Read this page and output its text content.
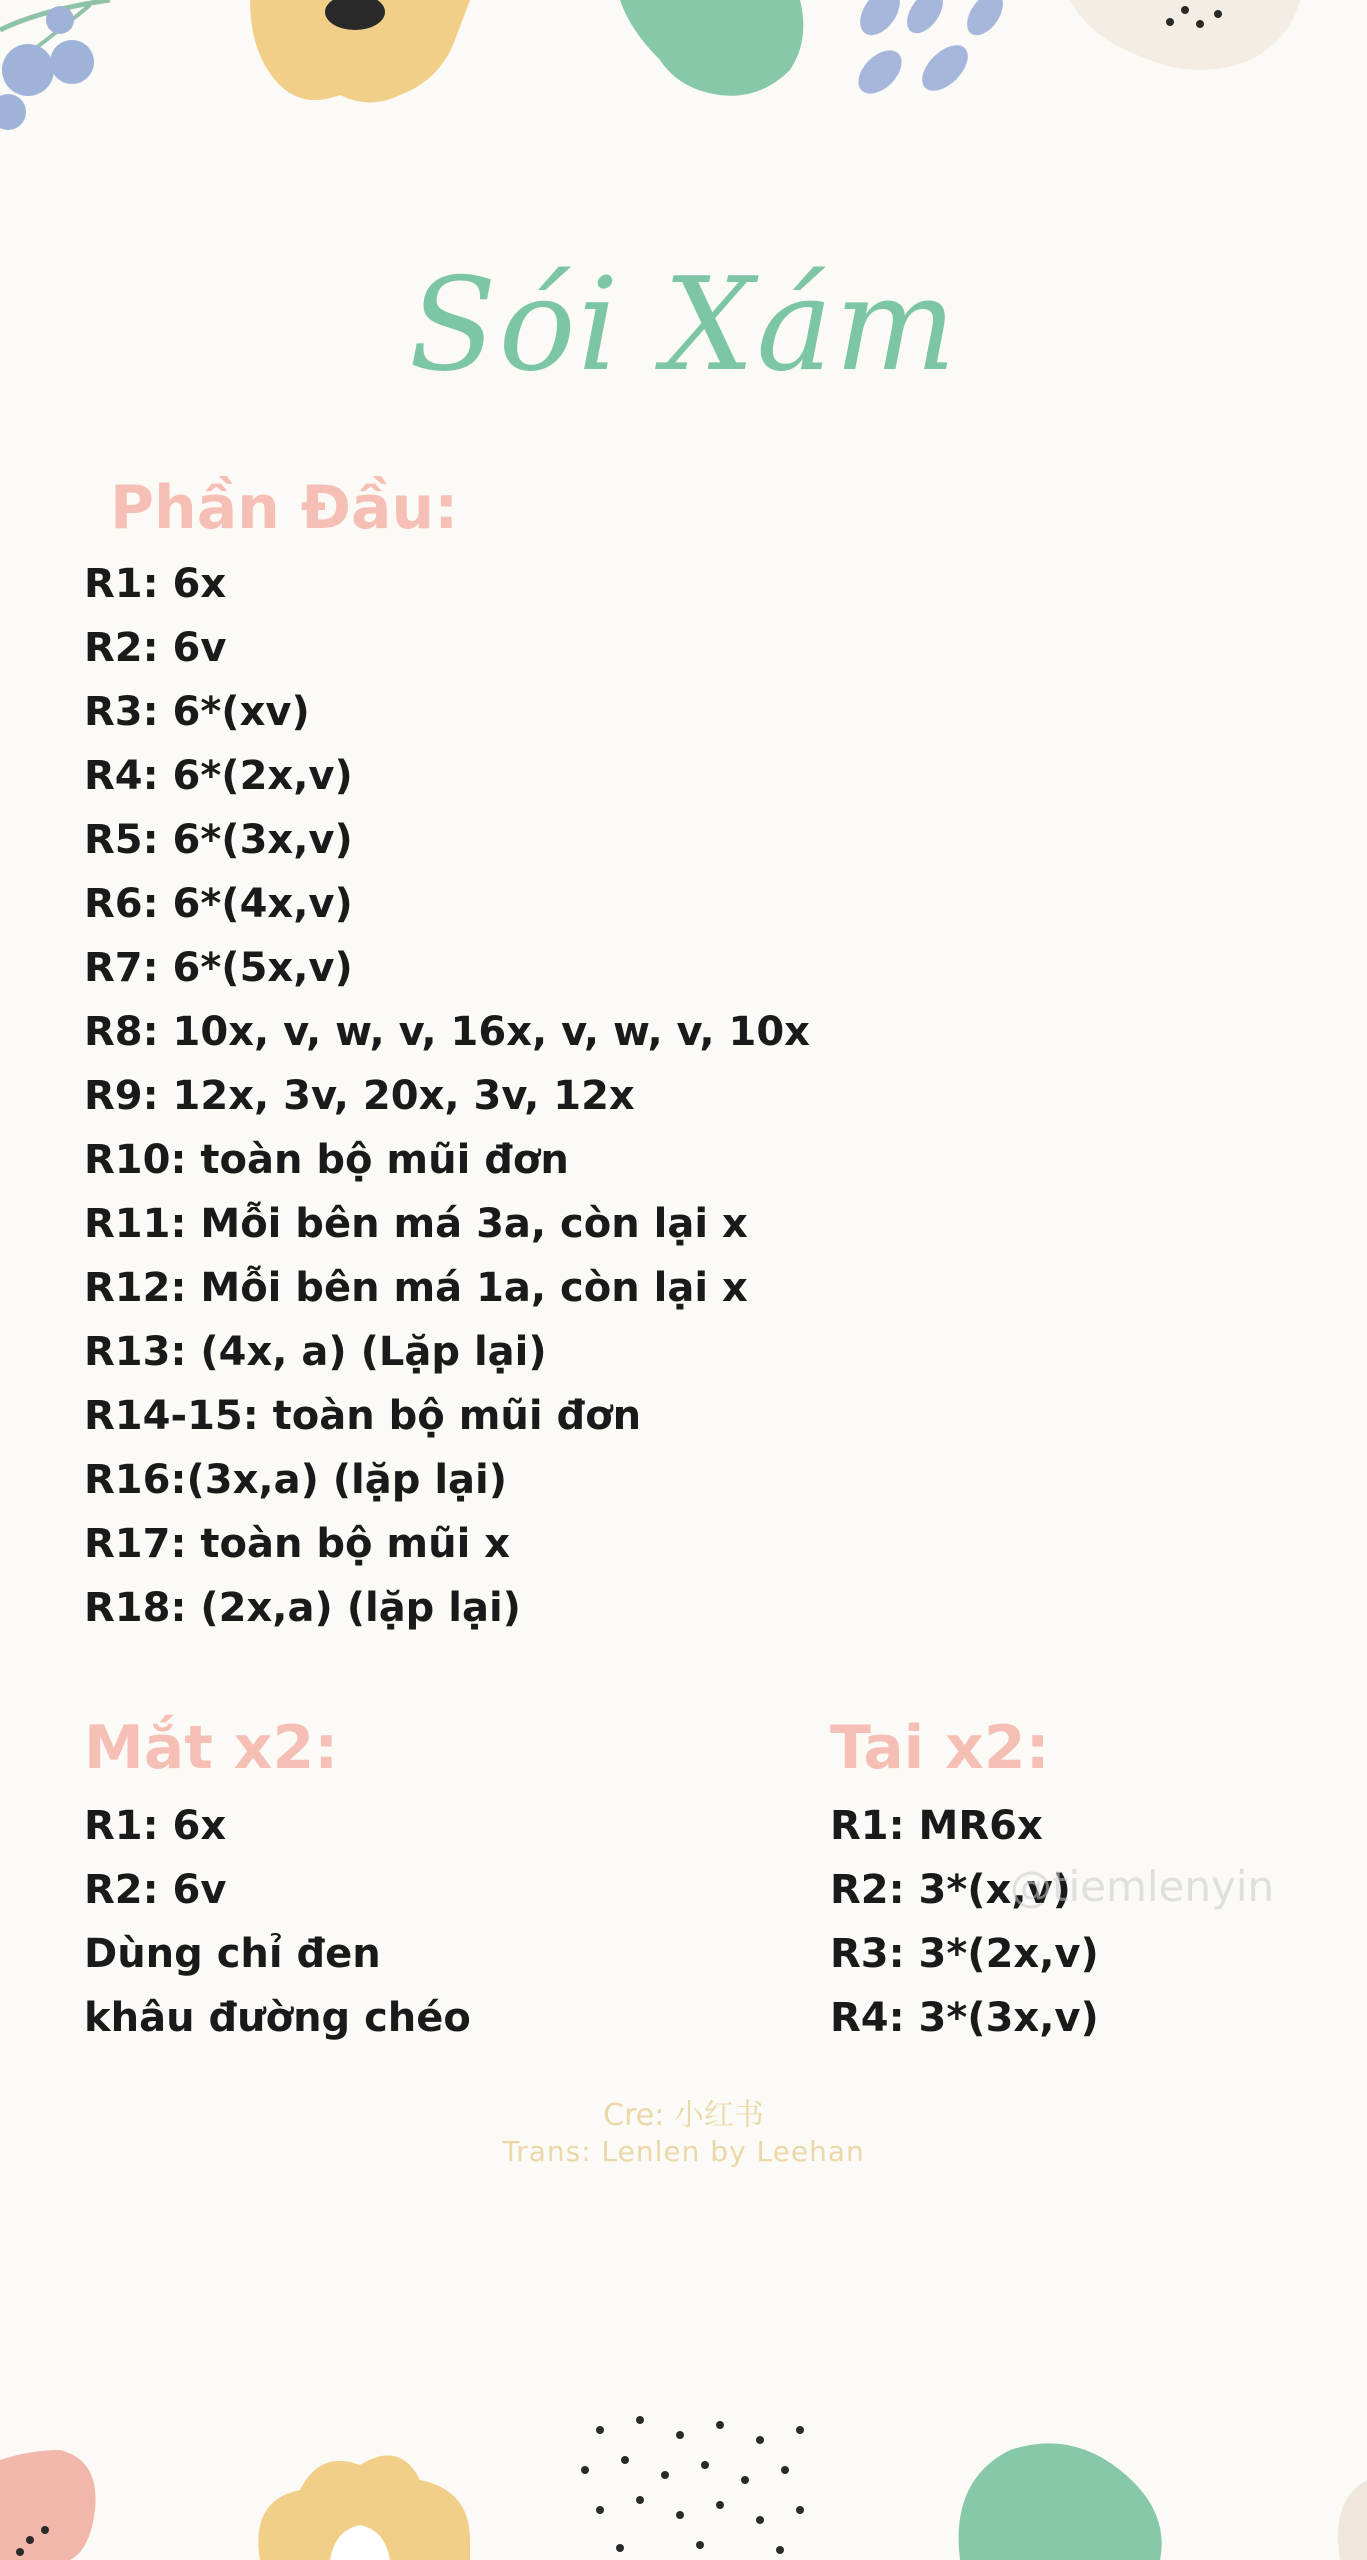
Sói Xám
Phần Đầu:
R1: 6x
R2: 6v
R3: 6*(xv)
R4: 6*(2x,v)
R5: 6*(3x,v)
R6: 6*(4x,v)
R7: 6*(5x,v)
R8: 10x, v, w, v, 16x, v, w, v, 10x
R9: 12x, 3v, 20x, 3v, 12x
R10: toàn bộ mũi đơn
R11: Mỗi bên má 3a, còn lại x
R12: Mỗi bên má 1a, còn lại x
R13: (4x, a) (Lặp lại)
R14-15: toàn bộ mũi đơn
R16:(3x,a) (lặp lại)
R17: toàn bộ mũi x
R18: (2x,a) (lặp lại)
Mắt x2:
R1: 6x
R2: 6v
Dùng chỉ đen
khâu đường chéo
Tai x2:
R1: MR6x
R2: 3*(x,v)
R3: 3*(2x,v)
R4: 3*(3x,v)
@tiemlenyin
Cre: 小红书
Trans: Lenlen by Leehan
